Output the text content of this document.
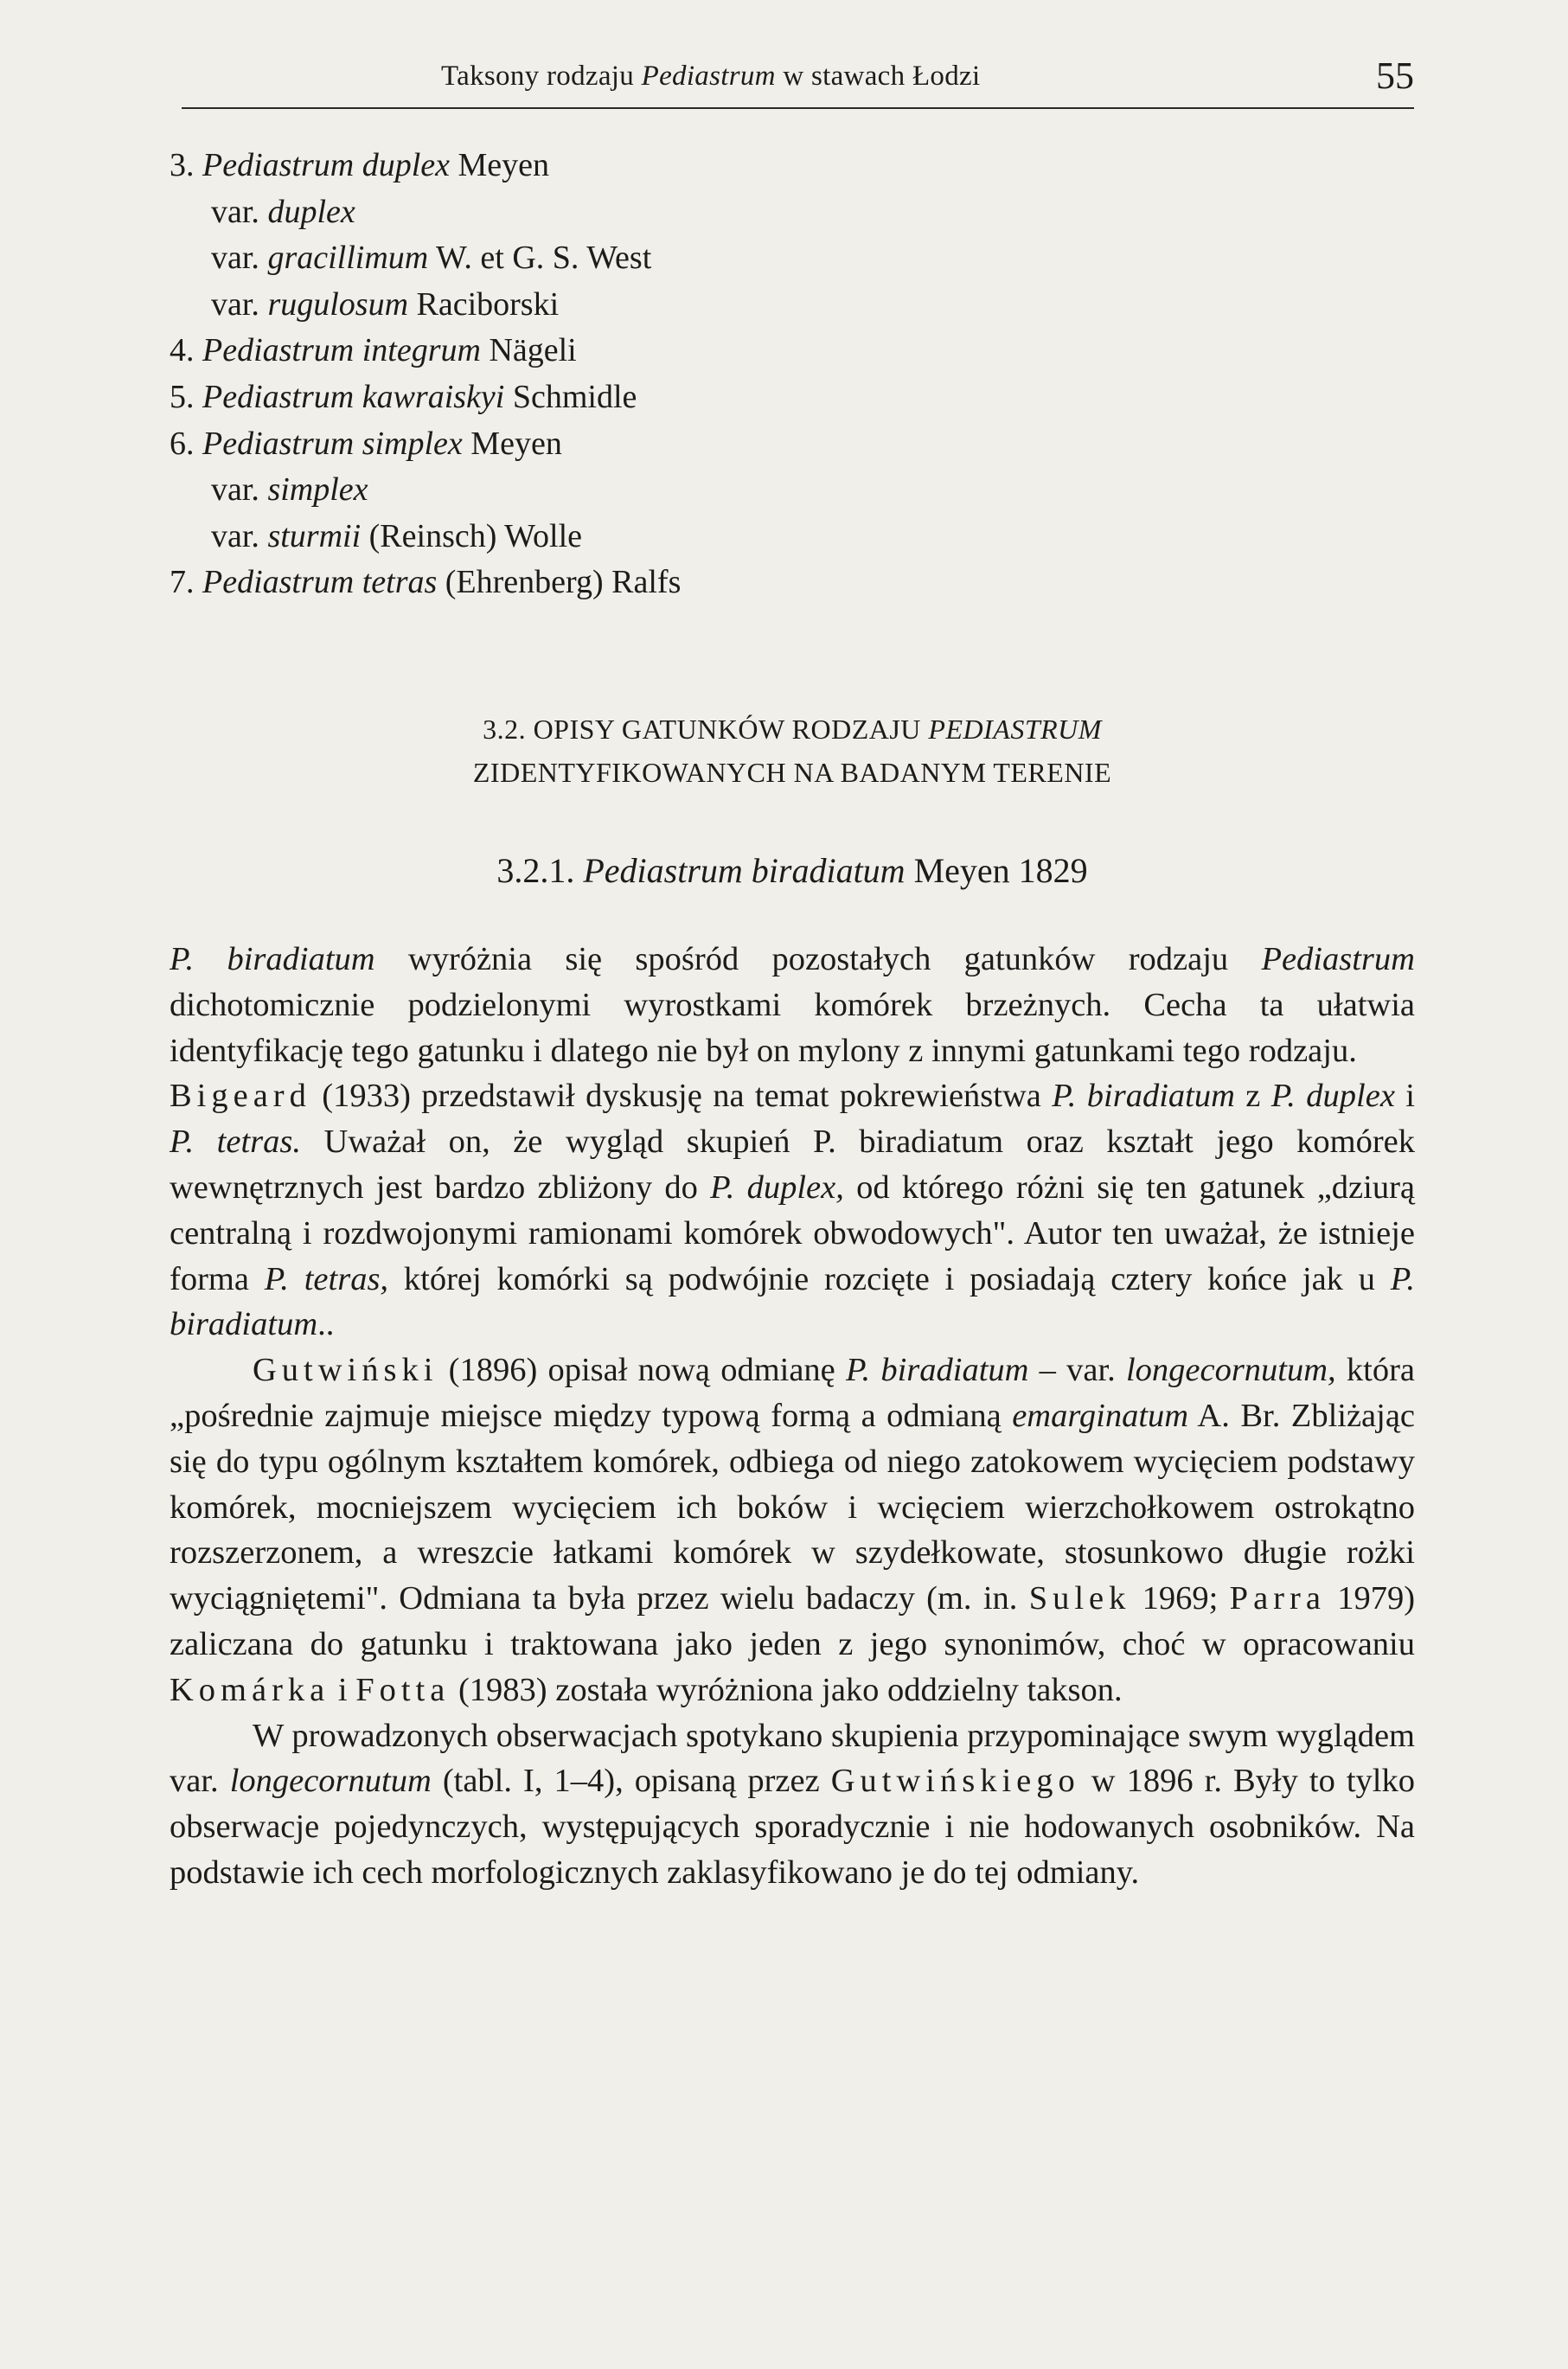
Taksony rodzaju Pediastrum w stawach Łodzi	55
3. Pediastrum duplex Meyen
var. duplex
var. gracillimum W. et G. S. West
var. rugulosum Raciborski
4. Pediastrum integrum Nägeli
5. Pediastrum kawraiskyi Schmidle
6. Pediastrum simplex Meyen
var. simplex
var. sturmii (Reinsch) Wolle
7. Pediastrum tetras (Ehrenberg) Ralfs
3.2. OPISY GATUNKÓW RODZAJU PEDIASTRUM
ZIDENTYFIKOWANYCH NA BADANYM TERENIE
3.2.1. Pediastrum biradiatum Meyen 1829

P. biradiatum wyróżnia się spośród pozostałych gatunków rodzaju Pediastrum dichotomicznie podzielonymi wyrostkami komórek brzeżnych. Cecha ta ułatwia identyfikację tego gatunku i dlatego nie był on mylony z innymi gatunkami tego rodzaju.

Bigeard (1933) przedstawił dyskusję na temat pokrewieństwa P. biradiatum z P. duplex i P. tetras. Uważał on, że wygląd skupień P. biradiatum oraz kształt jego komórek wewnętrznych jest bardzo zbliżony do P. duplex, od którego różni się ten gatunek „dziurą centralną i rozdwojonymi ramionami komórek obwodowych". Autor ten uważał, że istnieje forma P. tetras, której komórki są podwójnie rozcięte i posiadają cztery końce jak u P. biradiatum..

Gutwiński (1896) opisał nową odmianę P. biradiatum – var. longecornutum, która „pośrednie zajmuje miejsce między typową formą a odmianą emarginatum A. Br. Zbliżając się do typu ogólnym kształtem komórek, odbiega od niego zatokowem wycięciem podstawy komórek, mocniejszem wycięciem ich boków i wcięciem wierzchołkowem ostrokątno rozszerzonem, a wreszcie łatkami komórek w szydełkowate, stosunkowo długie rożki wyciągniętemi". Odmiana ta była przez wielu badaczy (m. in. Sulek 1969; Parra 1979) zaliczana do gatunku i traktowana jako jeden z jego synonimów, choć w opracowaniu Komárka i Fotta (1983) została wyróżniona jako oddzielny takson.

W prowadzonych obserwacjach spotykano skupienia przypominające swym wyglądem var. longecornutum (tabl. I, 1–4), opisaną przez Gutwińskiego w 1896 r. Były to tylko obserwacje pojedynczych, występujących sporadycznie i nie hodowanych osobników. Na podstawie ich cech morfologicznych zaklasyfikowano je do tej odmiany.
